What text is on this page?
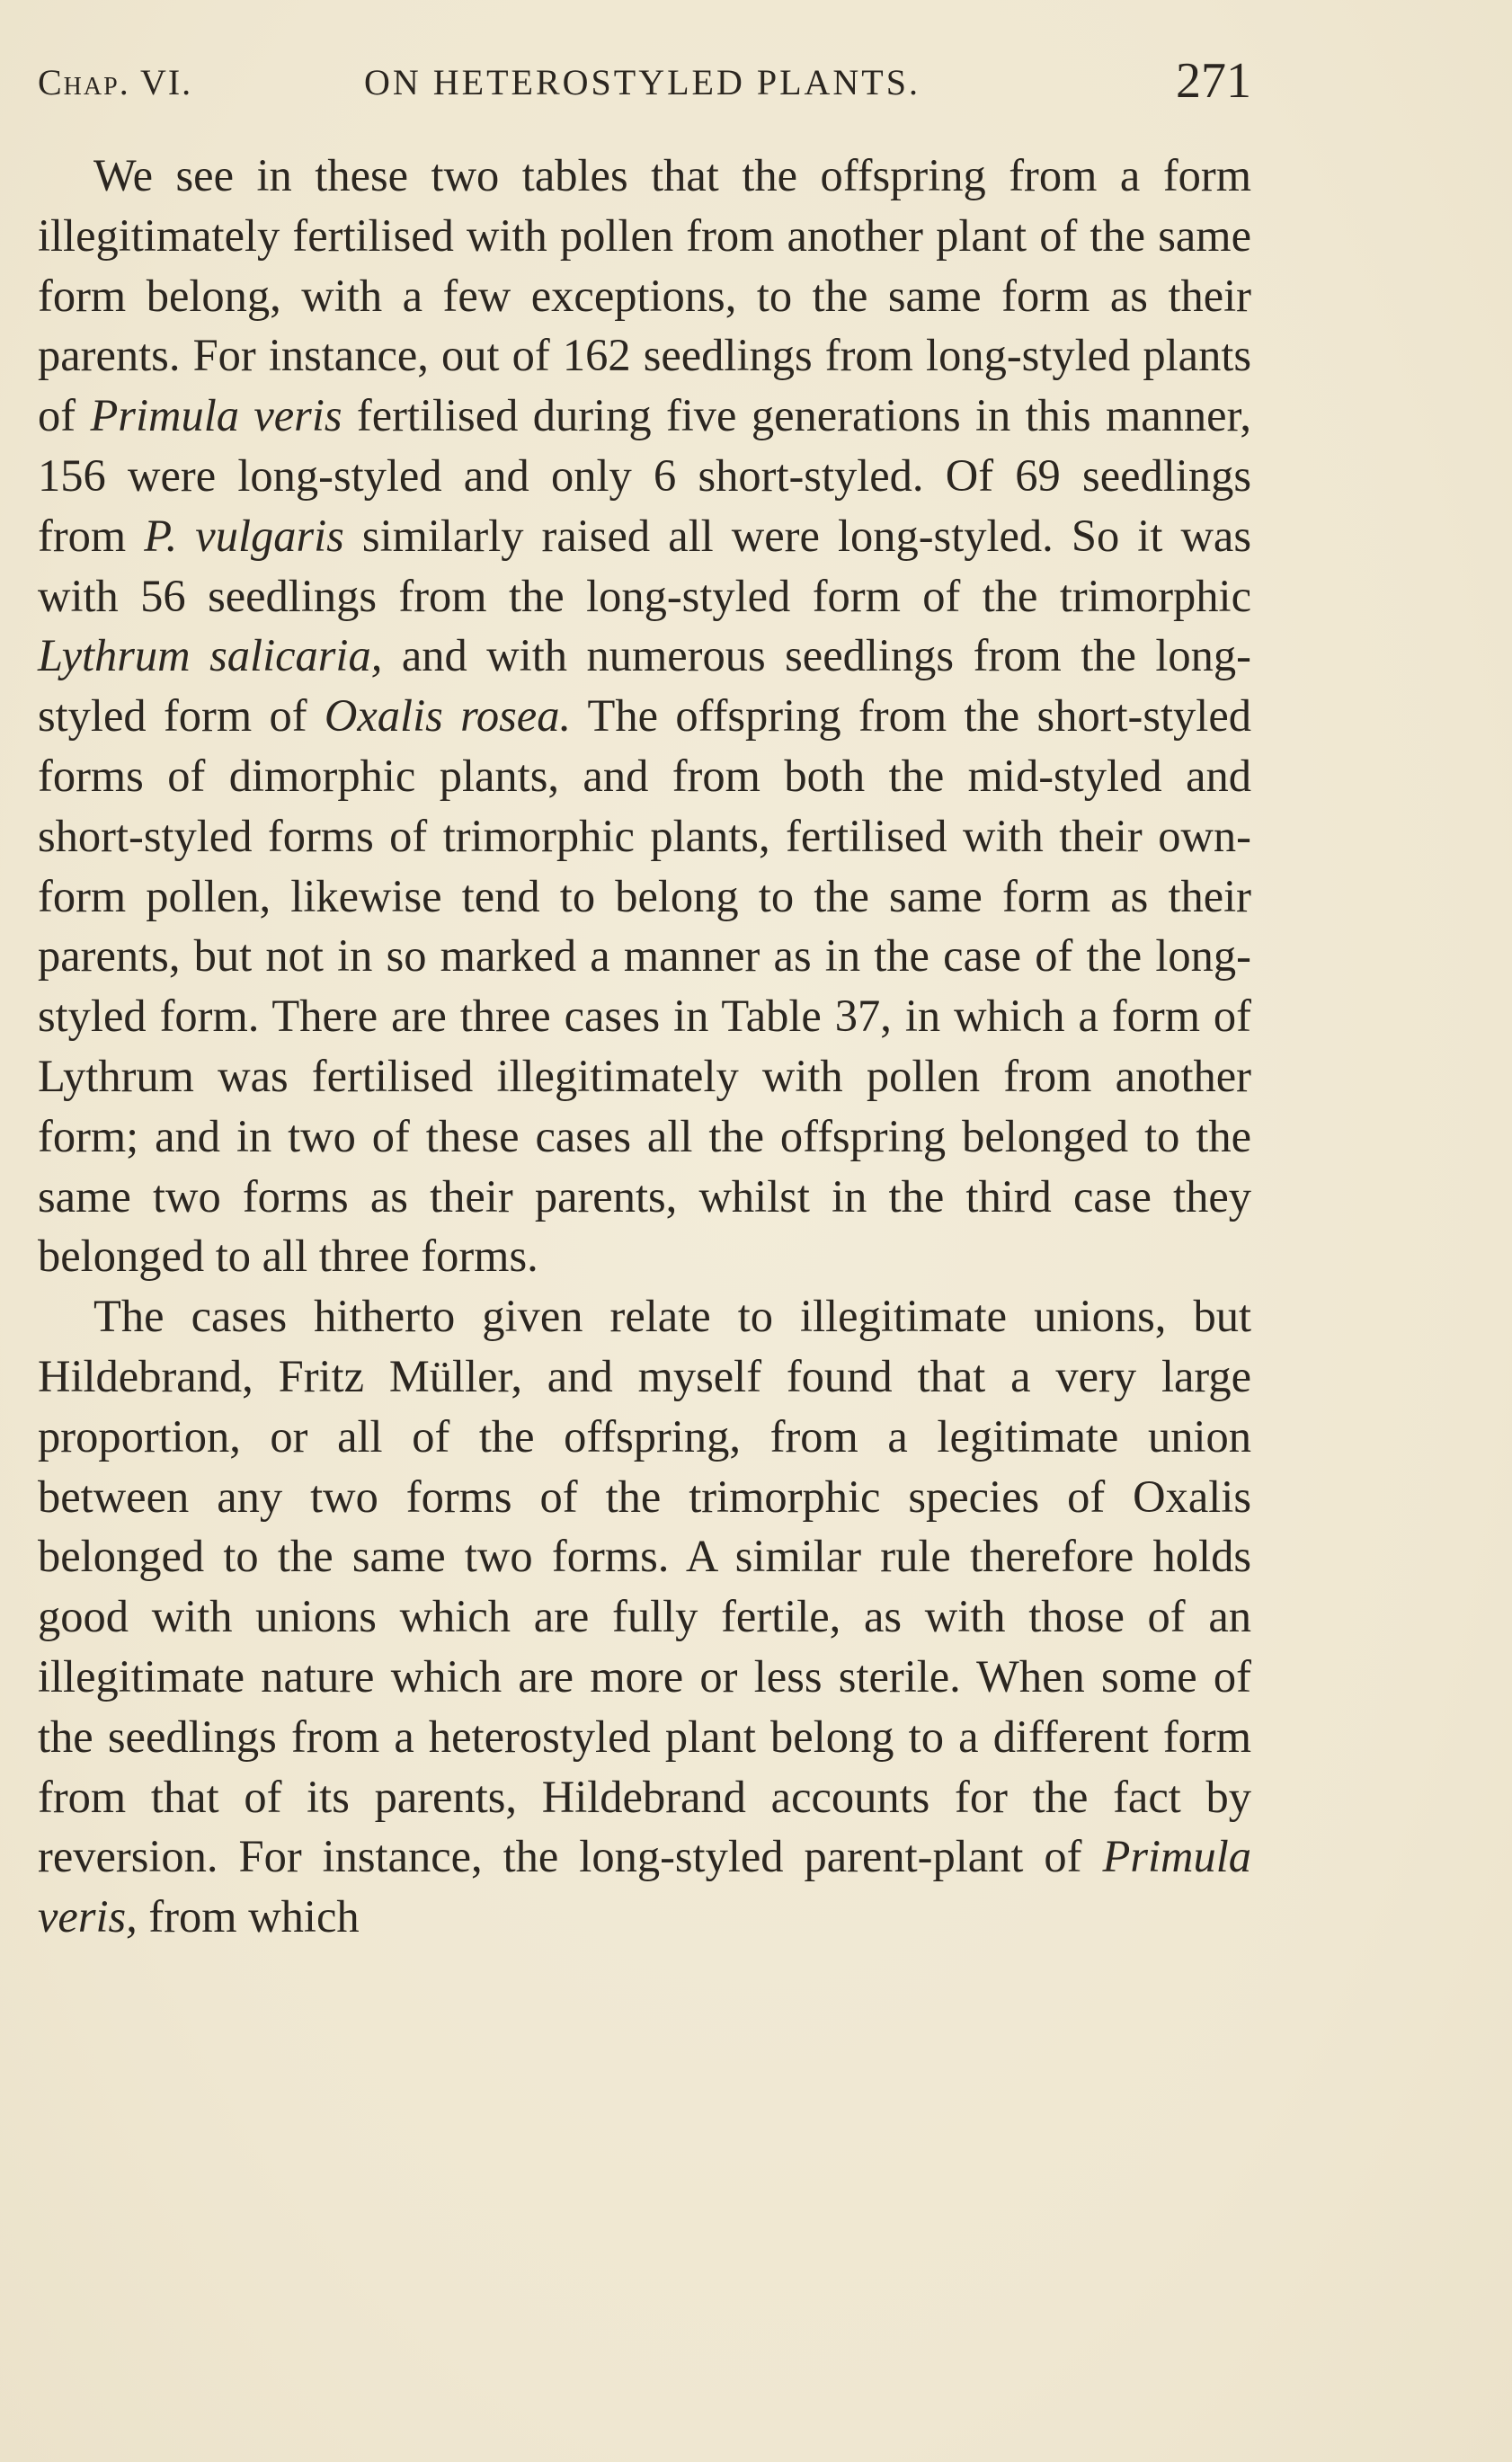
Chap. VI.	ON HETEROSTYLED PLANTS.	271

We see in these two tables that the offspring from a form illegitimately fertilised with pollen from another plant of the same form belong, with a few exceptions, to the same form as their parents. For instance, out of 162 seedlings from long-styled plants of Primula veris fertilised during five generations in this manner, 156 were long-styled and only 6 short-styled. Of 69 seedlings from P. vulgaris similarly raised all were long-styled. So it was with 56 seedlings from the long-styled form of the trimorphic Lythrum salicaria, and with numerous seedlings from the long-styled form of Oxalis rosea. The offspring from the short-styled forms of dimorphic plants, and from both the mid-styled and short-styled forms of trimorphic plants, fertilised with their own-form pollen, likewise tend to belong to the same form as their parents, but not in so marked a manner as in the case of the long-styled form. There are three cases in Table 37, in which a form of Lythrum was fertilised illegitimately with pollen from another form; and in two of these cases all the offspring belonged to the same two forms as their parents, whilst in the third case they belonged to all three forms.

The cases hitherto given relate to illegitimate unions, but Hildebrand, Fritz Müller, and myself found that a very large proportion, or all of the offspring, from a legitimate union between any two forms of the trimorphic species of Oxalis belonged to the same two forms. A similar rule therefore holds good with unions which are fully fertile, as with those of an illegitimate nature which are more or less sterile. When some of the seedlings from a heterostyled plant belong to a different form from that of its parents, Hildebrand accounts for the fact by reversion. For instance, the long-styled parent-plant of Primula veris, from which
